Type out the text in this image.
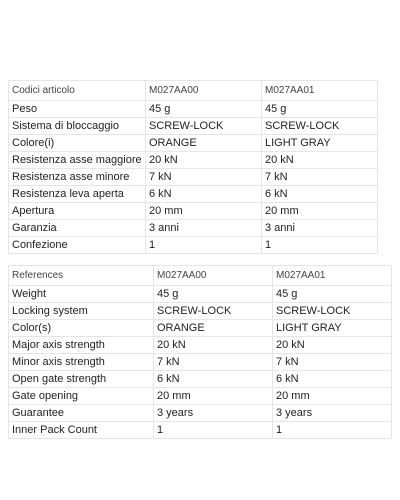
Codici articolo	M027AA00	M027AA01
Peso	45 g	45 g
Sistema di bloccaggio	SCREW-LOCK	SCREW-LOCK
Colore(i)	ORANGE	LIGHT GRAY
Resistenza asse maggiore	20 kN	20 kN
Resistenza asse minore	7 kN	7 kN
Resistenza leva aperta	6 kN	6 kN
Apertura	20 mm	20 mm
Garanzia	3 anni	3 anni
Confezione	1	1
References	M027AA00	M027AA01
Weight	45 g	45 g
Locking system	SCREW-LOCK	SCREW-LOCK
Color(s)	ORANGE	LIGHT GRAY
Major axis strength	20 kN	20 kN
Minor axis strength	7 kN	7 kN
Open gate strength	6 kN	6 kN
Gate opening	20 mm	20 mm
Guarantee	3 years	3 years
Inner Pack Count	1	1
